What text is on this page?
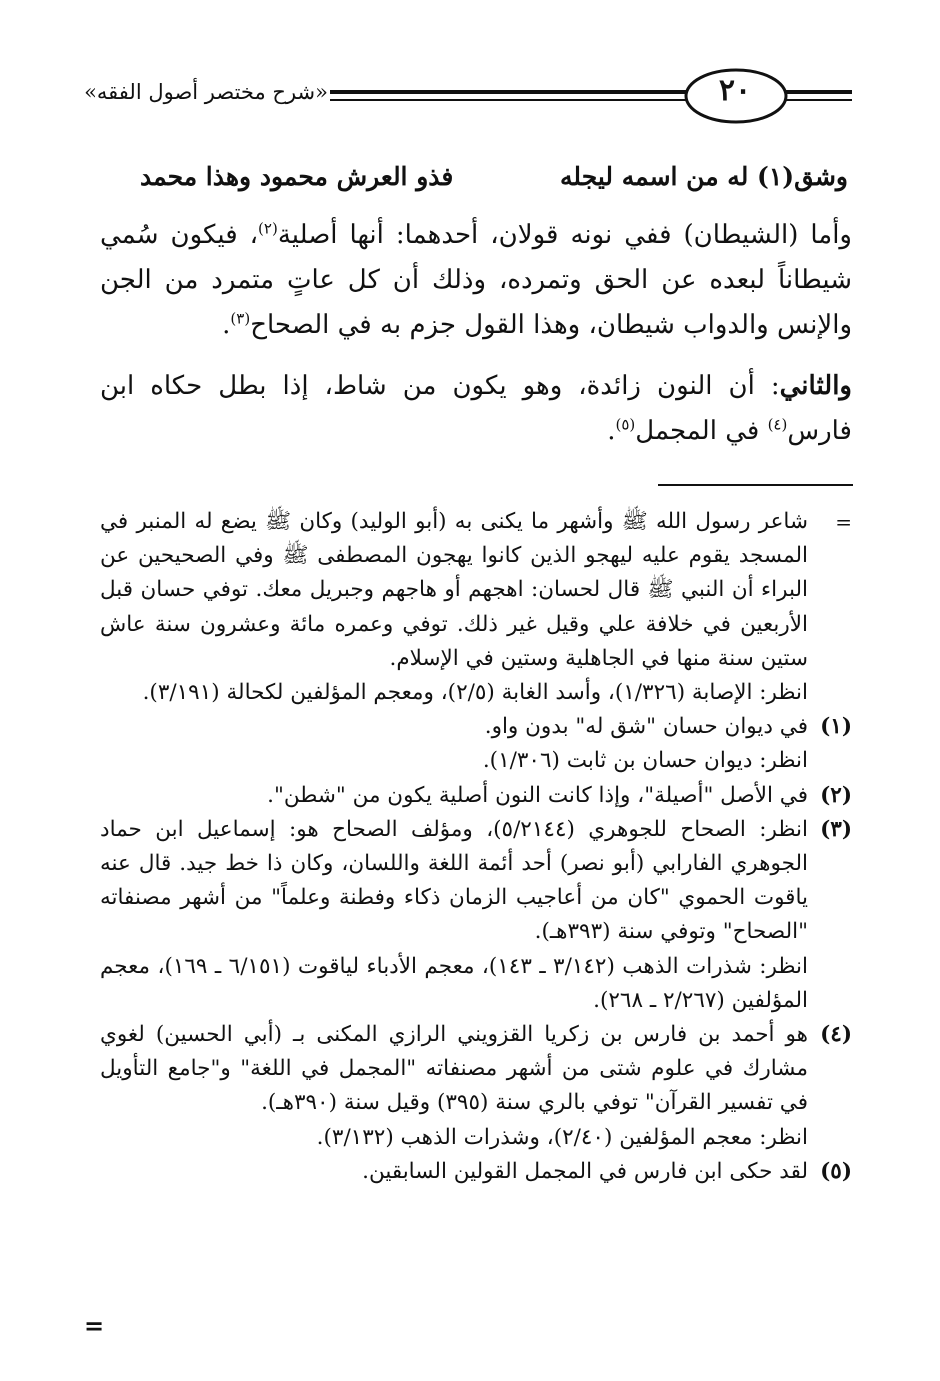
٢٠
«شرح مختصر أصول الفقه»
وشق(١) له من اسمه ليجله
فذو العرش محمود وهذا محمد
وأما (الشيطان) ففي نونه قولان، أحدهما: أنها أصلية$^{(٢)}$، فيكون سُمي شيطاناً لبعده عن الحق وتمرده، وذلك أن كل عاتٍ متمرد من الجن والإنس والدواب شيطان، وهذا القول جزم به في الصحاح$^{(٣)}$.
والثاني: أن النون زائدة، وهو يكون من شاط، إذا بطل حكاه ابن فارس$^{(٤)}$ في المجمل$^{(٥)}$.
=
شاعر رسول الله ﷺ وأشهر ما يكنى به (أبو الوليد) وكان ﷺ يضع له المنبر في المسجد يقوم عليه ليهجو الذين كانوا يهجون المصطفى ﷺ وفي الصحيحين عن البراء أن النبي ﷺ قال لحسان: اهجهم أو هاجهم وجبريل معك. توفي حسان قبل الأربعين في خلافة علي وقيل غير ذلك. توفي وعمره مائة وعشرون سنة عاش ستين سنة منها في الجاهلية وستين في الإسلام.
انظر: الإصابة (١/٣٢٦)، وأسد الغابة (٢/٥)، ومعجم المؤلفين لكحالة (٣/١٩١).
(١)
في ديوان حسان "شق له" بدون واو.
انظر: ديوان حسان بن ثابت (١/٣٠٦).
(٢)
في الأصل "أصيلة"، وإذا كانت النون أصلية يكون من "شطن".
(٣)
انظر: الصحاح للجوهري (٥/٢١٤٤)، ومؤلف الصحاح هو: إسماعيل ابن حماد الجوهري الفارابي (أبو نصر) أحد أئمة اللغة واللسان، وكان ذا خط جيد. قال عنه ياقوت الحموي "كان من أعاجيب الزمان ذكاء وفطنة وعلماً" من أشهر مصنفاته "الصحاح" وتوفي سنة (٣٩٣هـ).
انظر: شذرات الذهب (٣/١٤٢ ـ ١٤٣)، معجم الأدباء لياقوت (٦/١٥١ ـ ١٦٩)، معجم المؤلفين (٢/٢٦٧ ـ ٢٦٨).
(٤)
هو أحمد بن فارس بن زكريا القزويني الرازي المكنى بـ (أبي الحسين) لغوي مشارك في علوم شتى من أشهر مصنفاته "المجمل في اللغة" و"جامع التأويل في تفسير القرآن" توفي بالري سنة (٣٩٥) وقيل سنة (٣٩٠هـ).
انظر: معجم المؤلفين (٢/٤٠)، وشذرات الذهب (٣/١٣٢).
(٥)
لقد حكى ابن فارس في المجمل القولين السابقين.
=
